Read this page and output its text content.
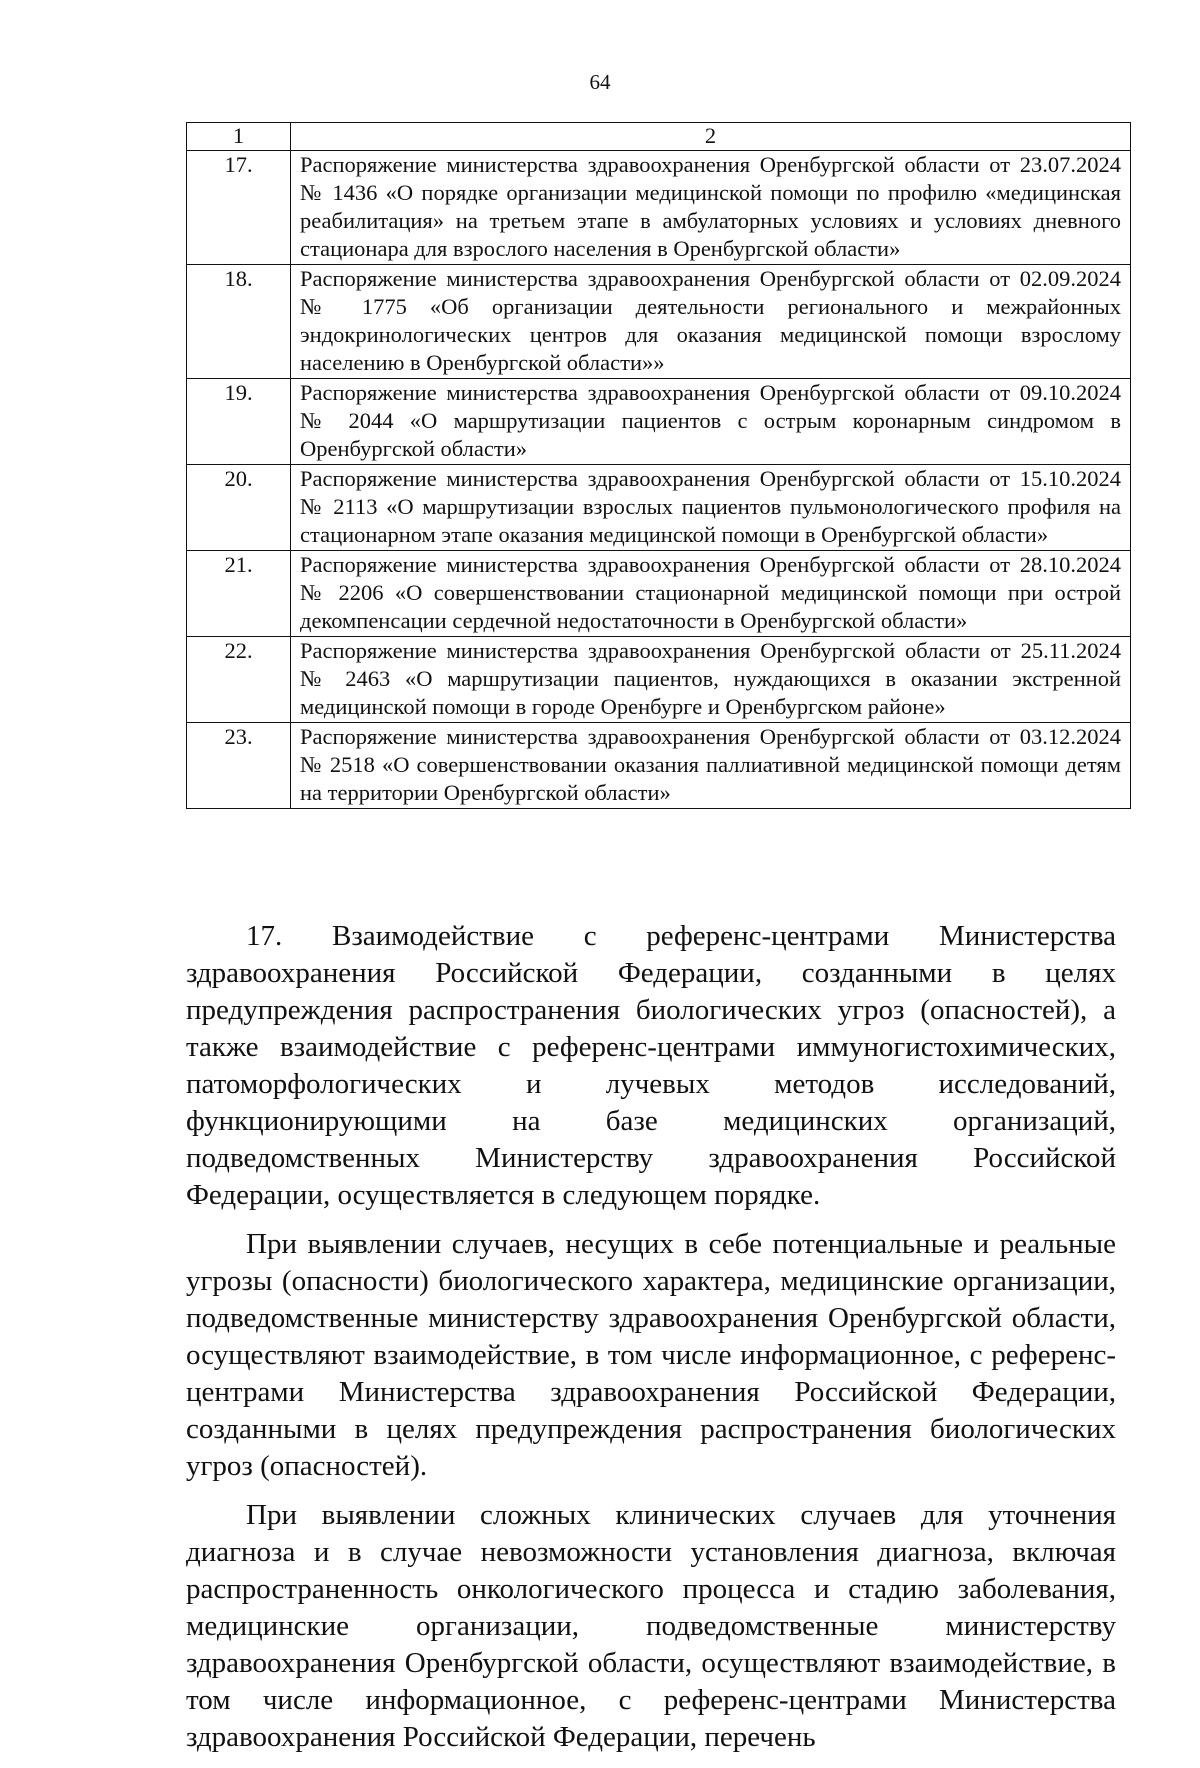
64
1	2
17.	Распоряжение министерства здравоохранения Оренбургской области от 23.07.2024 № 1436 «О порядке организации медицинской помощи по профилю «медицинская реабилитация» на третьем этапе в амбулаторных условиях и условиях дневного стационара для взрослого населения в Оренбургской области»
18.	Распоряжение министерства здравоохранения Оренбургской области от 02.09.2024 № 1775 «Об организации деятельности регионального и межрайонных эндокринологических центров для оказания медицинской помощи взрослому населению в Оренбургской области»»
19.	Распоряжение министерства здравоохранения Оренбургской области от 09.10.2024 № 2044 «О маршрутизации пациентов с острым коронарным синдромом в Оренбургской области»
20.	Распоряжение министерства здравоохранения Оренбургской области от 15.10.2024 № 2113 «О маршрутизации взрослых пациентов пульмонологического профиля на стационарном этапе оказания медицинской помощи в Оренбургской области»
21.	Распоряжение министерства здравоохранения Оренбургской области от 28.10.2024 № 2206 «О совершенствовании стационарной медицинской помощи при острой декомпенсации сердечной недостаточности в Оренбургской области»
22.	Распоряжение министерства здравоохранения Оренбургской области от 25.11.2024 № 2463 «О маршрутизации пациентов, нуждающихся в оказании экстренной медицинской помощи в городе Оренбурге и Оренбургском районе»
23.	Распоряжение министерства здравоохранения Оренбургской области от 03.12.2024 № 2518 «О совершенствовании оказания паллиативной медицинской помощи детям на территории Оренбургской области»

17. Взаимодействие с референс-центрами Министерства здравоохранения Российской Федерации, созданными в целях предупреждения распространения биологических угроз (опасностей), а также взаимодействие с референс-центрами иммуногистохимических, патоморфологических и лучевых методов исследований, функционирующими на базе медицинских организаций, подведомственных Министерству здравоохранения Российской Федерации, осуществляется в следующем порядке.

При выявлении случаев, несущих в себе потенциальные и реальные угрозы (опасности) биологического характера, медицинские организации, подведомственные министерству здравоохранения Оренбургской области, осуществляют взаимодействие, в том числе информационное, с референс-центрами Министерства здравоохранения Российской Федерации, созданными в целях предупреждения распространения биологических угроз (опасностей).

При выявлении сложных клинических случаев для уточнения диагноза и в случае невозможности установления диагноза, включая распространенность онкологического процесса и стадию заболевания, медицинские организации, подведомственные министерству здравоохранения Оренбургской области, осуществляют взаимодействие, в том числе информационное, с референс-центрами Министерства здравоохранения Российской Федерации, перечень
